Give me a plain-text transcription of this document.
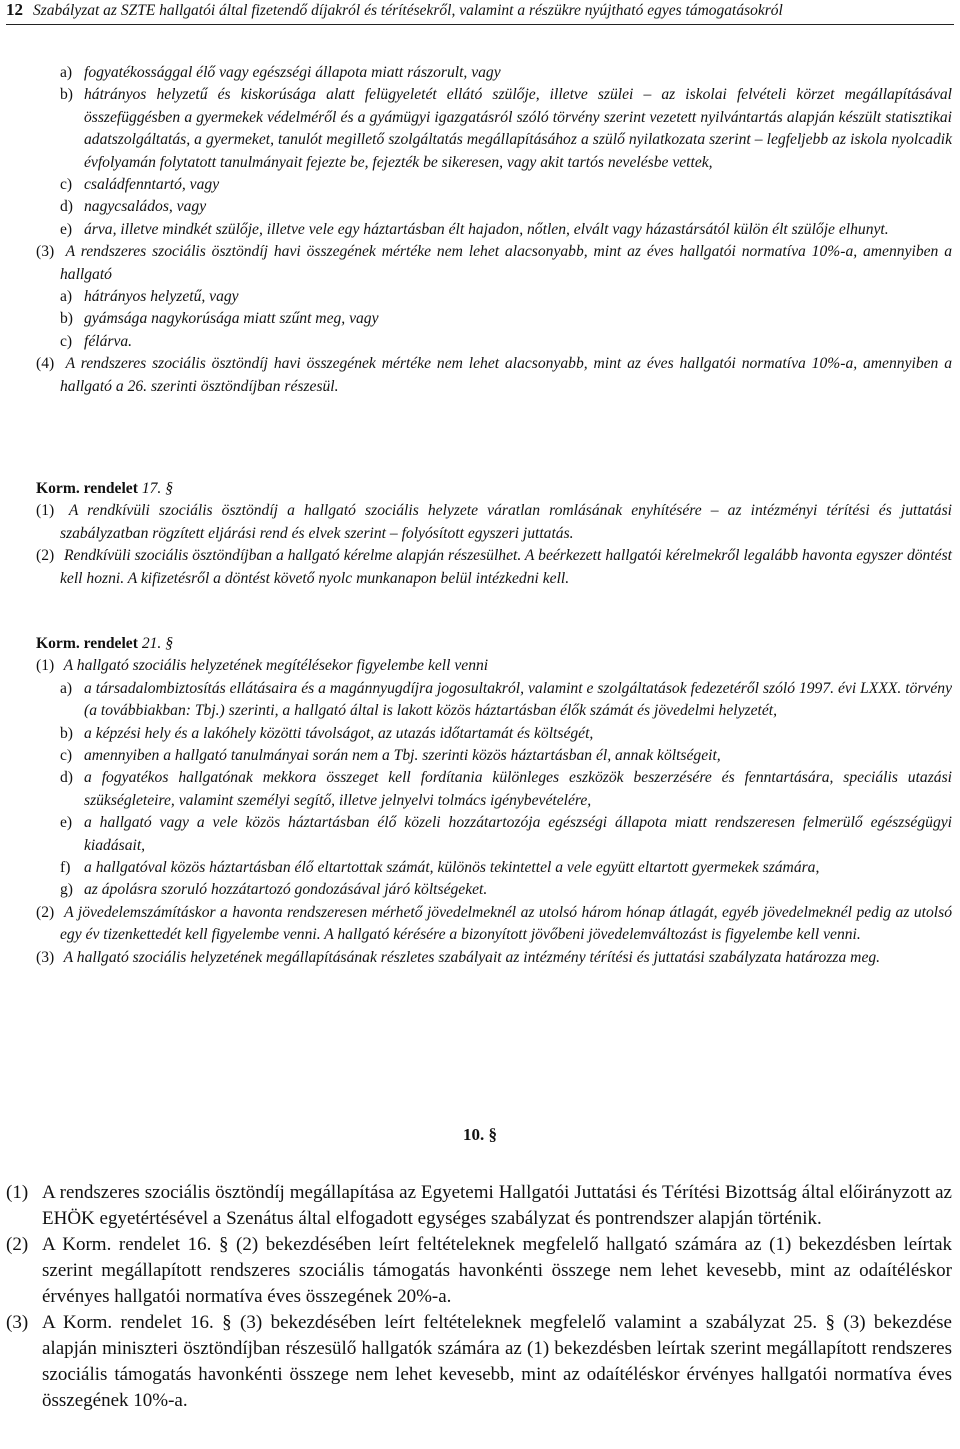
12 Szabályzat az SZTE hallgatói által fizetendő díjakról és térítésekről, valamint a részükre nyújtható egyes támogatásokról
a) fogyatékossággal élő vagy egészségi állapota miatt rászorult, vagy
b) hátrányos helyzetű és kiskorúsága alatt felügyeletét ellátó szülője, illetve szülei – az iskolai felvételi körzet megállapításával összefüggésben a gyermekek védelméről és a gyámügyi igazgatásról szóló törvény szerint vezetett nyilvántartás alapján készült statisztikai adatszolgáltatás, a gyermeket, tanulót megillető szolgáltatás megállapításához a szülő nyilatkozata szerint – legfeljebb az iskola nyolcadik évfolyamán folytatott tanulmányait fejezte be, fejezték be sikeresen, vagy akit tartós nevelésbe vettek,
c) családfenntartó, vagy
d) nagycsaládos, vagy
e) árva, illetve mindkét szülője, illetve vele egy háztartásban élt hajadon, nőtlen, elvált vagy házastársától külön élt szülője elhunyt.
(3) A rendszeres szociális ösztöndíj havi összegének mértéke nem lehet alacsonyabb, mint az éves hallgatói normatíva 10%-a, amennyiben a hallgató
a) hátrányos helyzetű, vagy
b) gyámsága nagykorúsága miatt szűnt meg, vagy
c) félárva.
(4) A rendszeres szociális ösztöndíj havi összegének mértéke nem lehet alacsonyabb, mint az éves hallgatói normatíva 10%-a, amennyiben a hallgató a 26. szerinti ösztöndíjban részesül.
Korm. rendelet 17. §
(1) A rendkívüli szociális ösztöndíj a hallgató szociális helyzete váratlan romlásának enyhítésére – az intézményi térítési és juttatási szabályzatban rögzített eljárási rend és elvek szerint – folyósított egyszeri juttatás.
(2) Rendkívüli szociális ösztöndíjban a hallgató kérelme alapján részesülhet. A beérkezett hallgatói kérelmekről legalább havonta egyszer döntést kell hozni. A kifizetésről a döntést követő nyolc munkanapon belül intézkedni kell.
Korm. rendelet 21. §
(1) A hallgató szociális helyzetének megítélésekor figyelembe kell venni
a) a társadalombiztosítás ellátásaira és a magánnyugdíjra jogosultakról, valamint e szolgáltatások fedezetéről szóló 1997. évi LXXX. törvény (a továbbiakban: Tbj.) szerinti, a hallgató által is lakott közös háztartásban élők számát és jövedelmi helyzetét,
b) a képzési hely és a lakóhely közötti távolságot, az utazás időtartamát és költségét,
c) amennyiben a hallgató tanulmányai során nem a Tbj. szerinti közös háztartásban él, annak költségeit,
d) a fogyatékos hallgatónak mekkora összeget kell fordítania különleges eszközök beszerzésére és fenntartására, speciális utazási szükségleteire, valamint személyi segítő, illetve jelnyelvi tolmács igénybevételére,
e) a hallgató vagy a vele közös háztartásban élő közeli hozzátartozója egészségi állapota miatt rendszeresen felmerülő egészségügyi kiadásait,
f) a hallgatóval közös háztartásban élő eltartottak számát, különös tekintettel a vele együtt eltartott gyermekek számára,
g) az ápolásra szoruló hozzátartozó gondozásával járó költségeket.
(2) A jövedelemszámításkor a havonta rendszeresen mérhető jövedelmeknél az utolsó három hónap átlagát, egyéb jövedelmeknél pedig az utolsó egy év tizenkettedét kell figyelembe venni. A hallgató kérésére a bizonyított jövőbeni jövedelemváltozást is figyelembe kell venni.
(3) A hallgató szociális helyzetének megállapításának részletes szabályait az intézmény térítési és juttatási szabályzata határozza meg.
10. §
(1) A rendszeres szociális ösztöndíj megállapítása az Egyetemi Hallgatói Juttatási és Térítési Bizottság által előirányzott az EHÖK egyetértésével a Szenátus által elfogadott egységes szabályzat és pontrendszer alapján történik.
(2) A Korm. rendelet 16. § (2) bekezdésében leírt feltételeknek megfelelő hallgató számára az (1) bekezdésben leírtak szerint megállapított rendszeres szociális támogatás havonkénti összege nem lehet kevesebb, mint az odaítéléskor érvényes hallgatói normatíva éves összegének 20%-a.
(3) A Korm. rendelet 16. § (3) bekezdésében leírt feltételeknek megfelelő valamint a szabályzat 25. § (3) bekezdése alapján miniszteri ösztöndíjban részesülő hallgatók számára az (1) bekezdésben leírtak szerint megállapított rendszeres szociális támogatás havonkénti összege nem lehet kevesebb, mint az odaítéléskor érvényes hallgatói normatíva éves összegének 10%-a.
